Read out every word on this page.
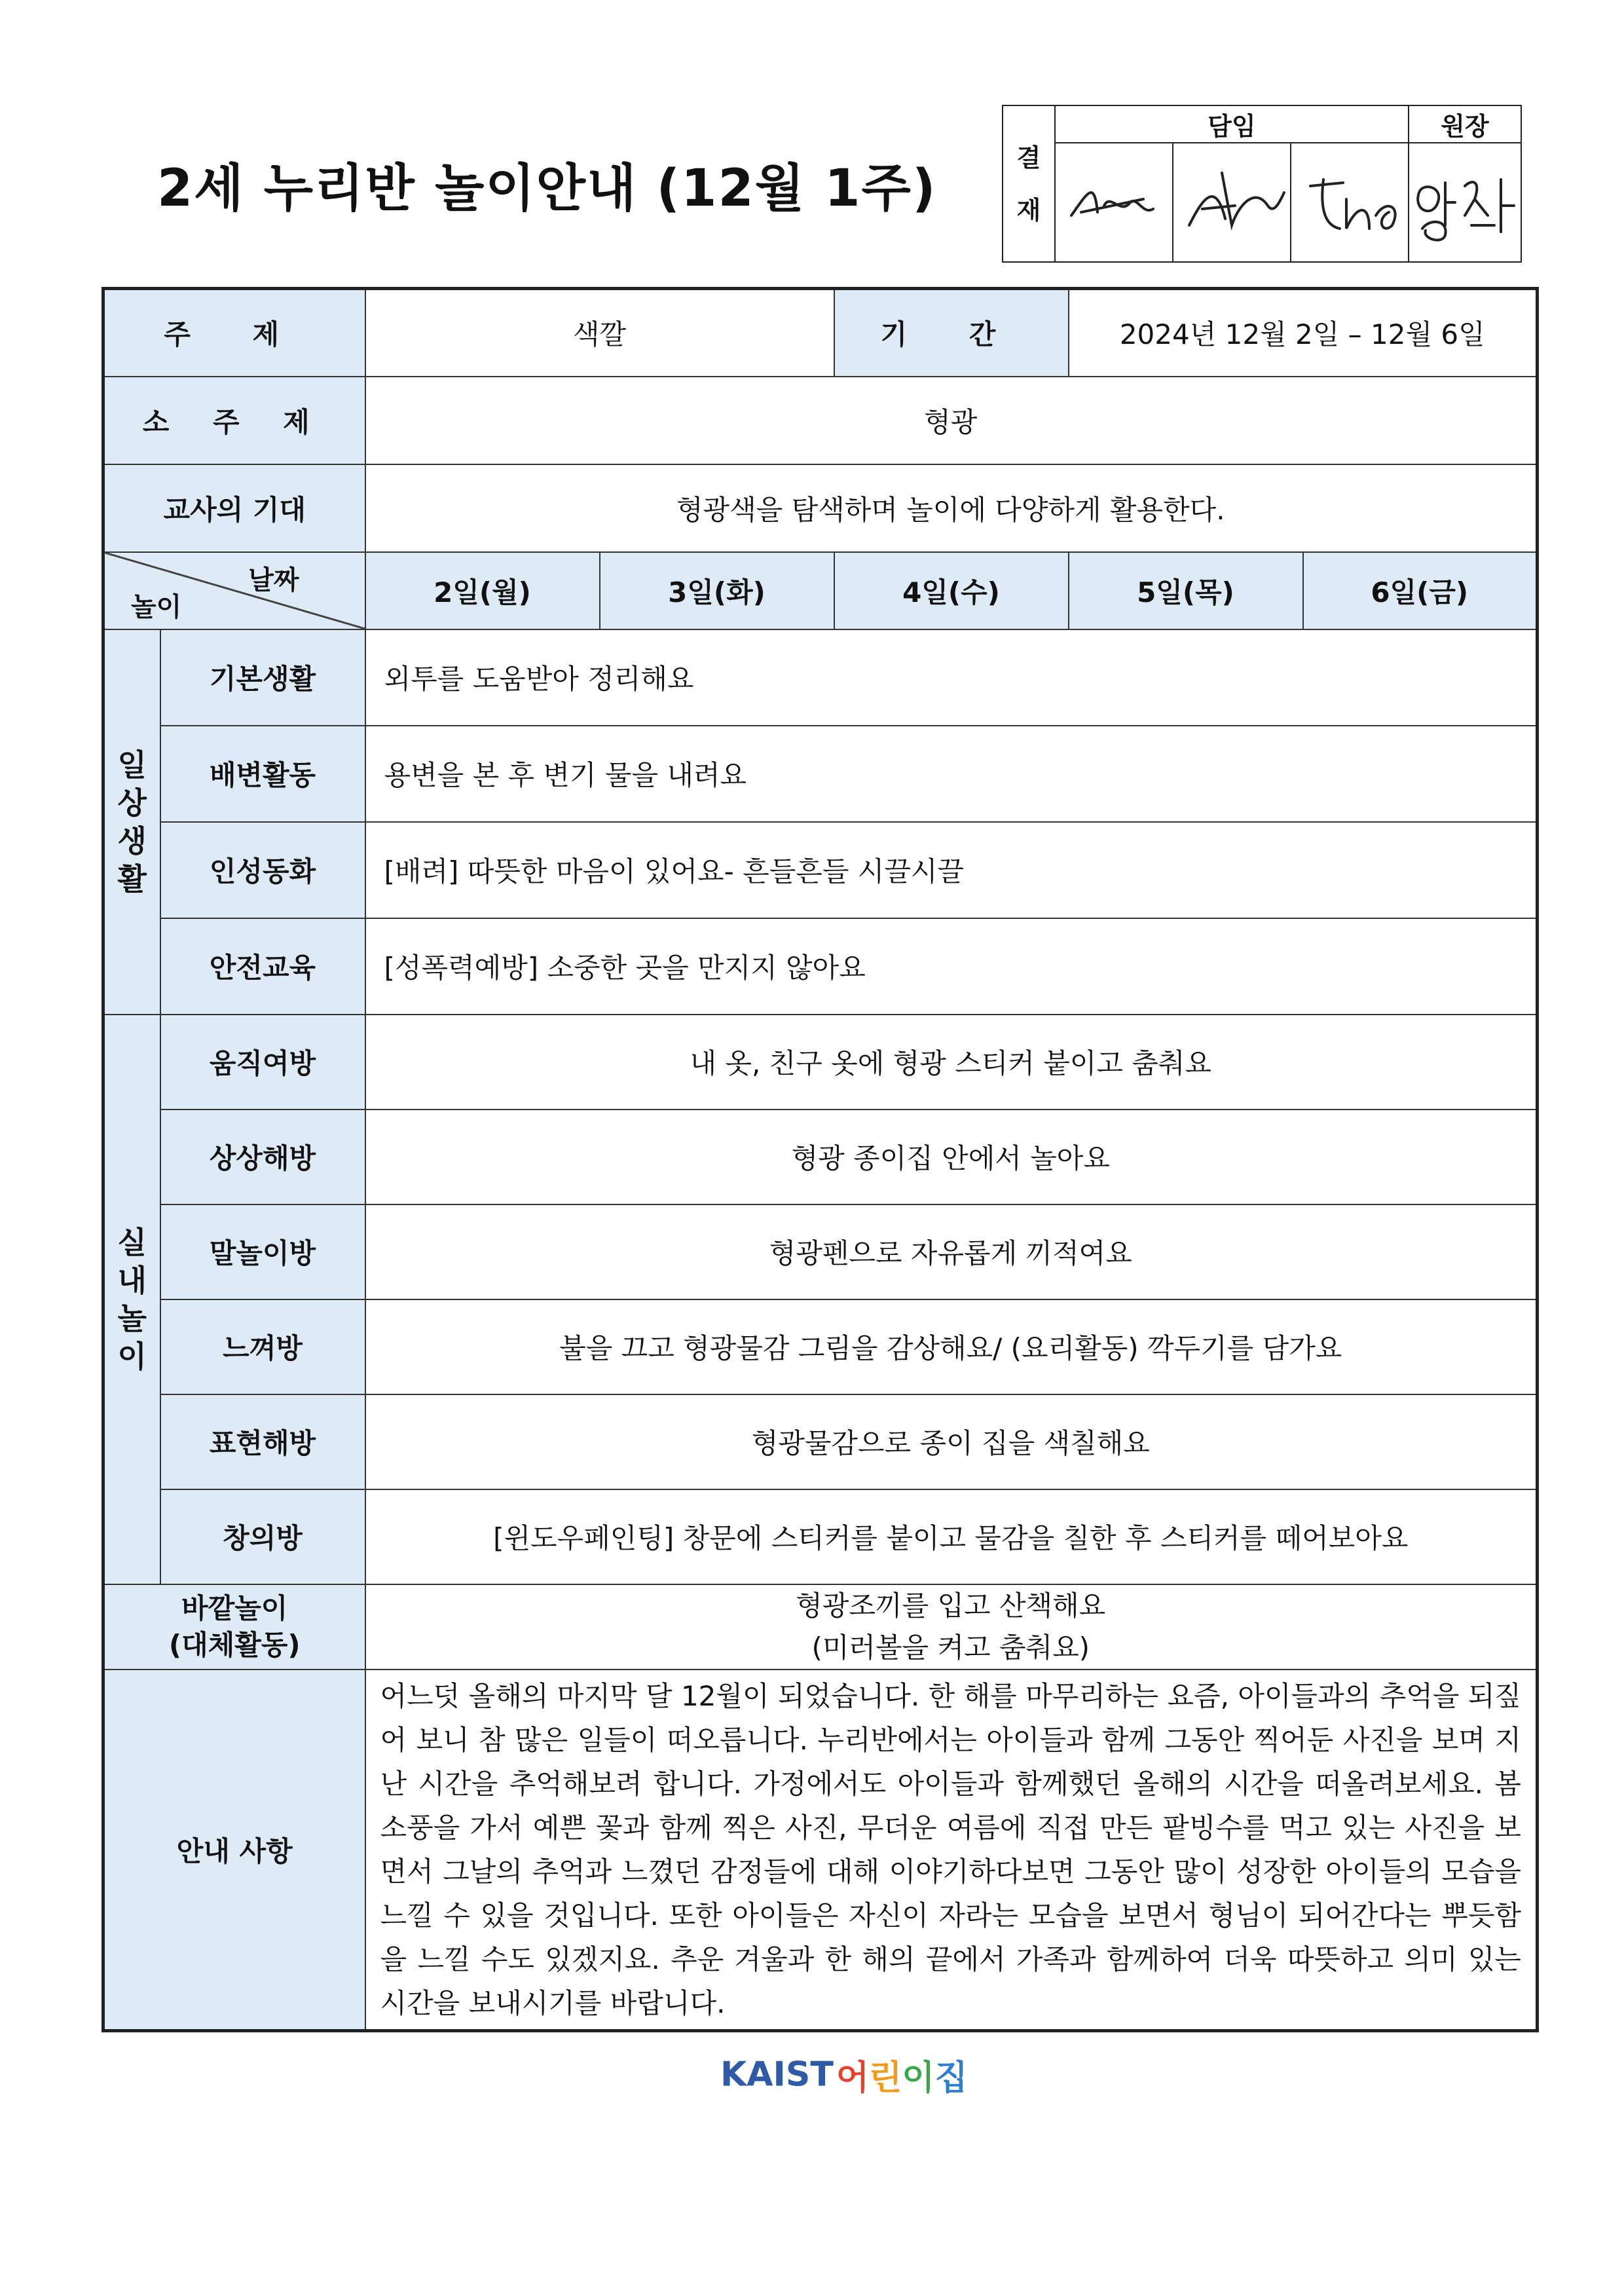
2세 누리반 놀이안내 (12월 1주)
결
재	담임			원장

주 제		색깔		기 간	2024년 12월 2일 – 12월 6일	
소 주 제		형광				
교사의 기대		형광색을 탐색하며 놀이에 다양하게 활용한다.				

날짜
놀이		2일(월)	3일(화)	4일(수)	5일(목)	6일(금)

일
상
생
활	기본생활	외투를 도움받아 정리해요				
	배변활동	용변을 본 후 변기 물을 내려요				
	인성동화	[배려] 따뜻한 마음이 있어요- 흔들흔들 시끌시끌				
	안전교육	[성폭력예방] 소중한 곳을 만지지 않아요				

실
내
놀
이	움직여방	내 옷, 친구 옷에 형광 스티커 붙이고 춤춰요				
	상상해방	형광 종이집 안에서 놀아요				
	말놀이방	형광펜으로 자유롭게 끼적여요				
	느껴방	불을 끄고 형광물감 그림을 감상해요/ (요리활동) 깍두기를 담가요				
	표현해방	형광물감으로 종이 집을 색칠해요				
	창의방	[윈도우페인팅] 창문에 스티커를 붙이고 물감을 칠한 후 스티커를 떼어보아요				
바깥놀이
(대체활동)		형광조끼를 입고 산책해요
(미러볼을 켜고 춤춰요)				
안내 사항		어느덧 올해의 마지막 달 12월이 되었습니다. 한 해를 마무리하는 요즘, 아이들과의 추억을 되짚어 보니 참 많은 일들이 떠오릅니다. 누리반에서는 아이들과 함께 그동안 찍어둔 사진을 보며 지난 시간을 추억해보려 합니다. 가정에서도 아이들과 함께했던 올해의 시간을 떠올려보세요. 봄 소풍을 가서 예쁜 꽃과 함께 찍은 사진, 무더운 여름에 직접 만든 팥빙수를 먹고 있는 사진을 보면서 그날의 추억과 느꼈던 감정들에 대해 이야기하다보면 그동안 많이 성장한 아이들의 모습을 느낄 수 있을 것입니다. 또한 아이들은 자신이 자라는 모습을 보면서 형님이 되어간다는 뿌듯함을 느낄 수도 있겠지요. 추운 겨울과 한 해의 끝에서 가족과 함께하여 더욱 따뜻하고 의미 있는 시간을 보내시기를 바랍니다.				
KAIST어린이집
